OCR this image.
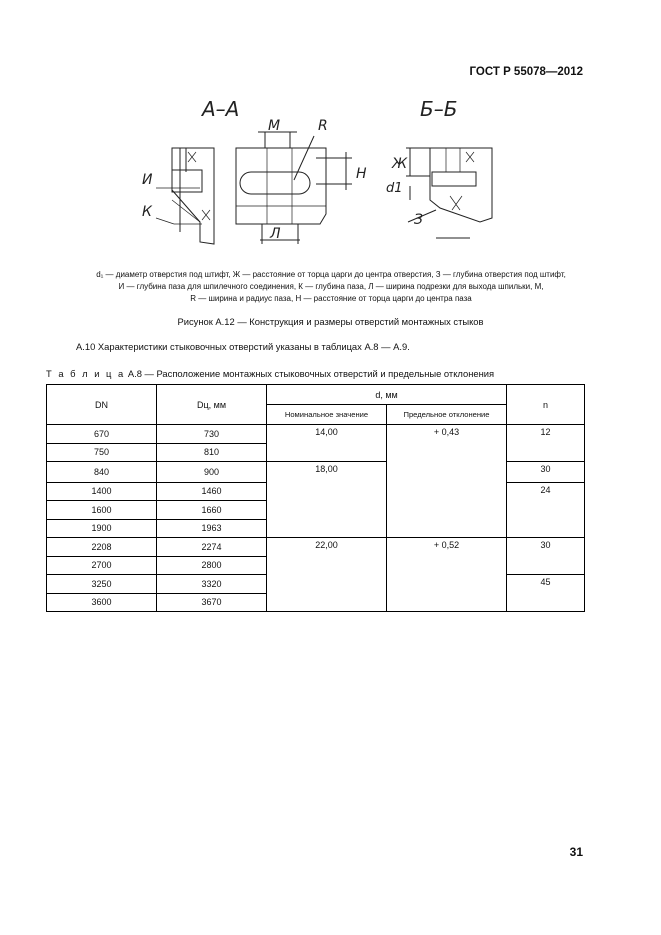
ГОСТ Р 55078—2012
А–А	Б–Б
М	R
Н
И
К
Л
Ж
d1
З
d₁ — диаметр отверстия под штифт, Ж — расстояние от торца царги до центра отверстия, З — глубина отверстия под штифт,
И — глубина паза для шпилечного соединения, К — глубина паза, Л — ширина подрезки для выхода шпильки, М,
R — ширина и радиус паза, Н — расстояние от торца царги до центра паза
Рисунок А.12 — Конструкция и размеры отверстий монтажных стыков
А.10 Характеристики стыковочных отверстий указаны в таблицах А.8 — А.9.
Т а б л и ц а А.8 — Расположение монтажных стыковочных отверстий и предельные отклонения
DN	Dц, мм	d, мм		n
		Номинальное значение	Предельное отклонение	
670	730	14,00	+ 0,43	12
750	810			
840	900	18,00		30
1400	1460			24
1600	1660			
1900	1963			
2208	2274	22,00	+ 0,52	30
2700	2800			
3250	3320			45
3600	3670			
31
